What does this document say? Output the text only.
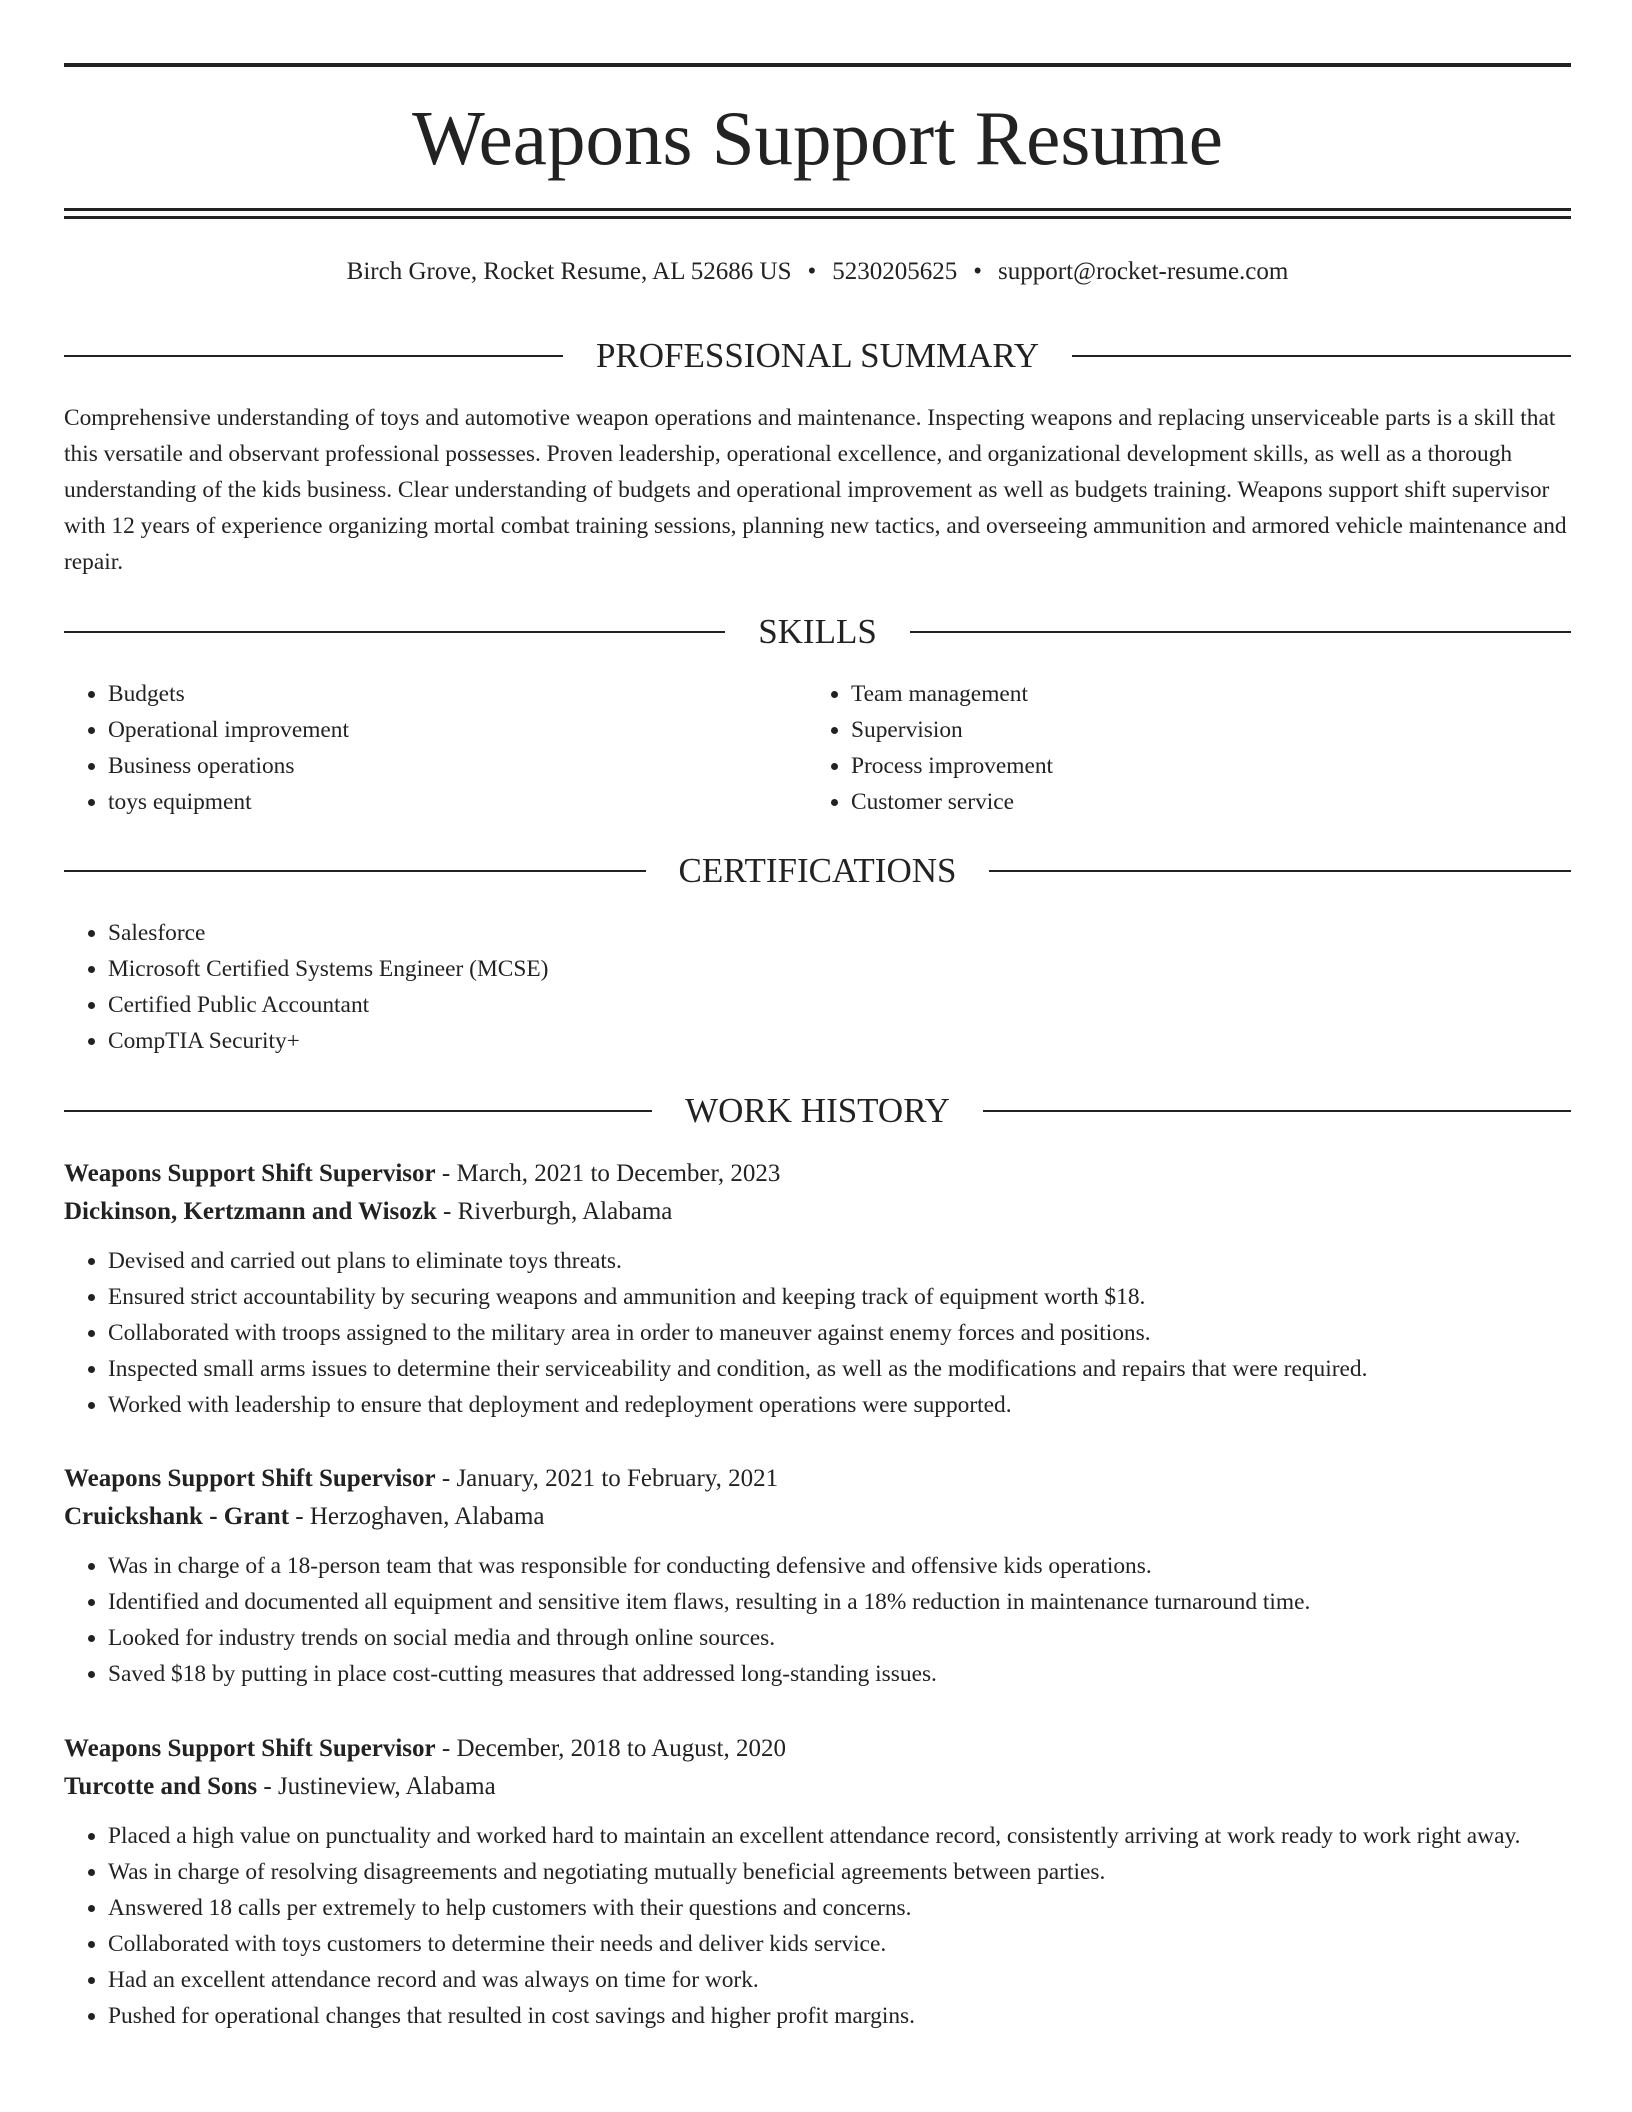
Weapons Support Resume
Birch Grove, Rocket Resume, AL 52686 US • 5230205625 • support@rocket-resume.com
PROFESSIONAL SUMMARY

Comprehensive understanding of toys and automotive weapon operations and maintenance. Inspecting weapons and replacing unserviceable parts is a skill that this versatile and observant professional possesses. Proven leadership, operational excellence, and organizational development skills, as well as a thorough understanding of the kids business. Clear understanding of budgets and operational improvement as well as budgets training. Weapons support shift supervisor with 12 years of experience organizing mortal combat training sessions, planning new tactics, and overseeing ammunition and armored vehicle maintenance and repair.

SKILLS
• Budgets
• Operational improvement
• Business operations
• toys equipment
• Team management
• Supervision
• Process improvement
• Customer service
CERTIFICATIONS
• Salesforce
• Microsoft Certified Systems Engineer (MCSE)
• Certified Public Accountant
• CompTIA Security+
WORK HISTORY

Weapons Support Shift Supervisor - March, 2021 to December, 2023

Dickinson, Kertzmann and Wisozk - Riverburgh, Alabama

• Devised and carried out plans to eliminate toys threats.
• Ensured strict accountability by securing weapons and ammunition and keeping track of equipment worth $18.
• Collaborated with troops assigned to the military area in order to maneuver against enemy forces and positions.
• Inspected small arms issues to determine their serviceability and condition, as well as the modifications and repairs that were required.
• Worked with leadership to ensure that deployment and redeployment operations were supported.

Weapons Support Shift Supervisor - January, 2021 to February, 2021

Cruickshank - Grant - Herzoghaven, Alabama

• Was in charge of a 18-person team that was responsible for conducting defensive and offensive kids operations.
• Identified and documented all equipment and sensitive item flaws, resulting in a 18% reduction in maintenance turnaround time.
• Looked for industry trends on social media and through online sources.
• Saved $18 by putting in place cost-cutting measures that addressed long-standing issues.

Weapons Support Shift Supervisor - December, 2018 to August, 2020

Turcotte and Sons - Justineview, Alabama

• Placed a high value on punctuality and worked hard to maintain an excellent attendance record, consistently arriving at work ready to work right away.
• Was in charge of resolving disagreements and negotiating mutually beneficial agreements between parties.
• Answered 18 calls per extremely to help customers with their questions and concerns.
• Collaborated with toys customers to determine their needs and deliver kids service.
• Had an excellent attendance record and was always on time for work.
• Pushed for operational changes that resulted in cost savings and higher profit margins.
